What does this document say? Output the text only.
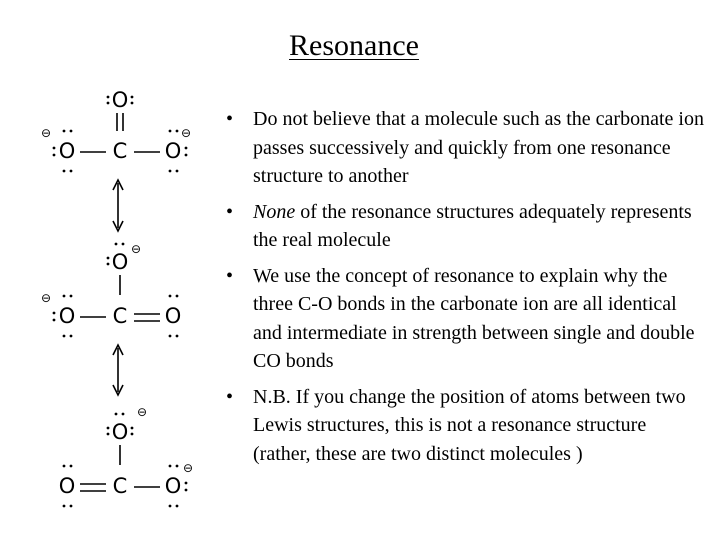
Resonance
O
C
O
⊖
O
⊖
O
⊖
C
O
⊖
O
O
⊖
C
O	O
⊖
• Do not believe that a molecule such as the carbonate ion passes successively and quickly from one resonance structure to another
• None of the resonance structures adequately represents the real molecule
• We use the concept of resonance to explain why the three C-O bonds in the carbonate ion are all identical and intermediate in strength between single and double CO bonds
• N.B. If you change the position of atoms between two Lewis structures, this is not a resonance structure (rather, these are two distinct molecules )
